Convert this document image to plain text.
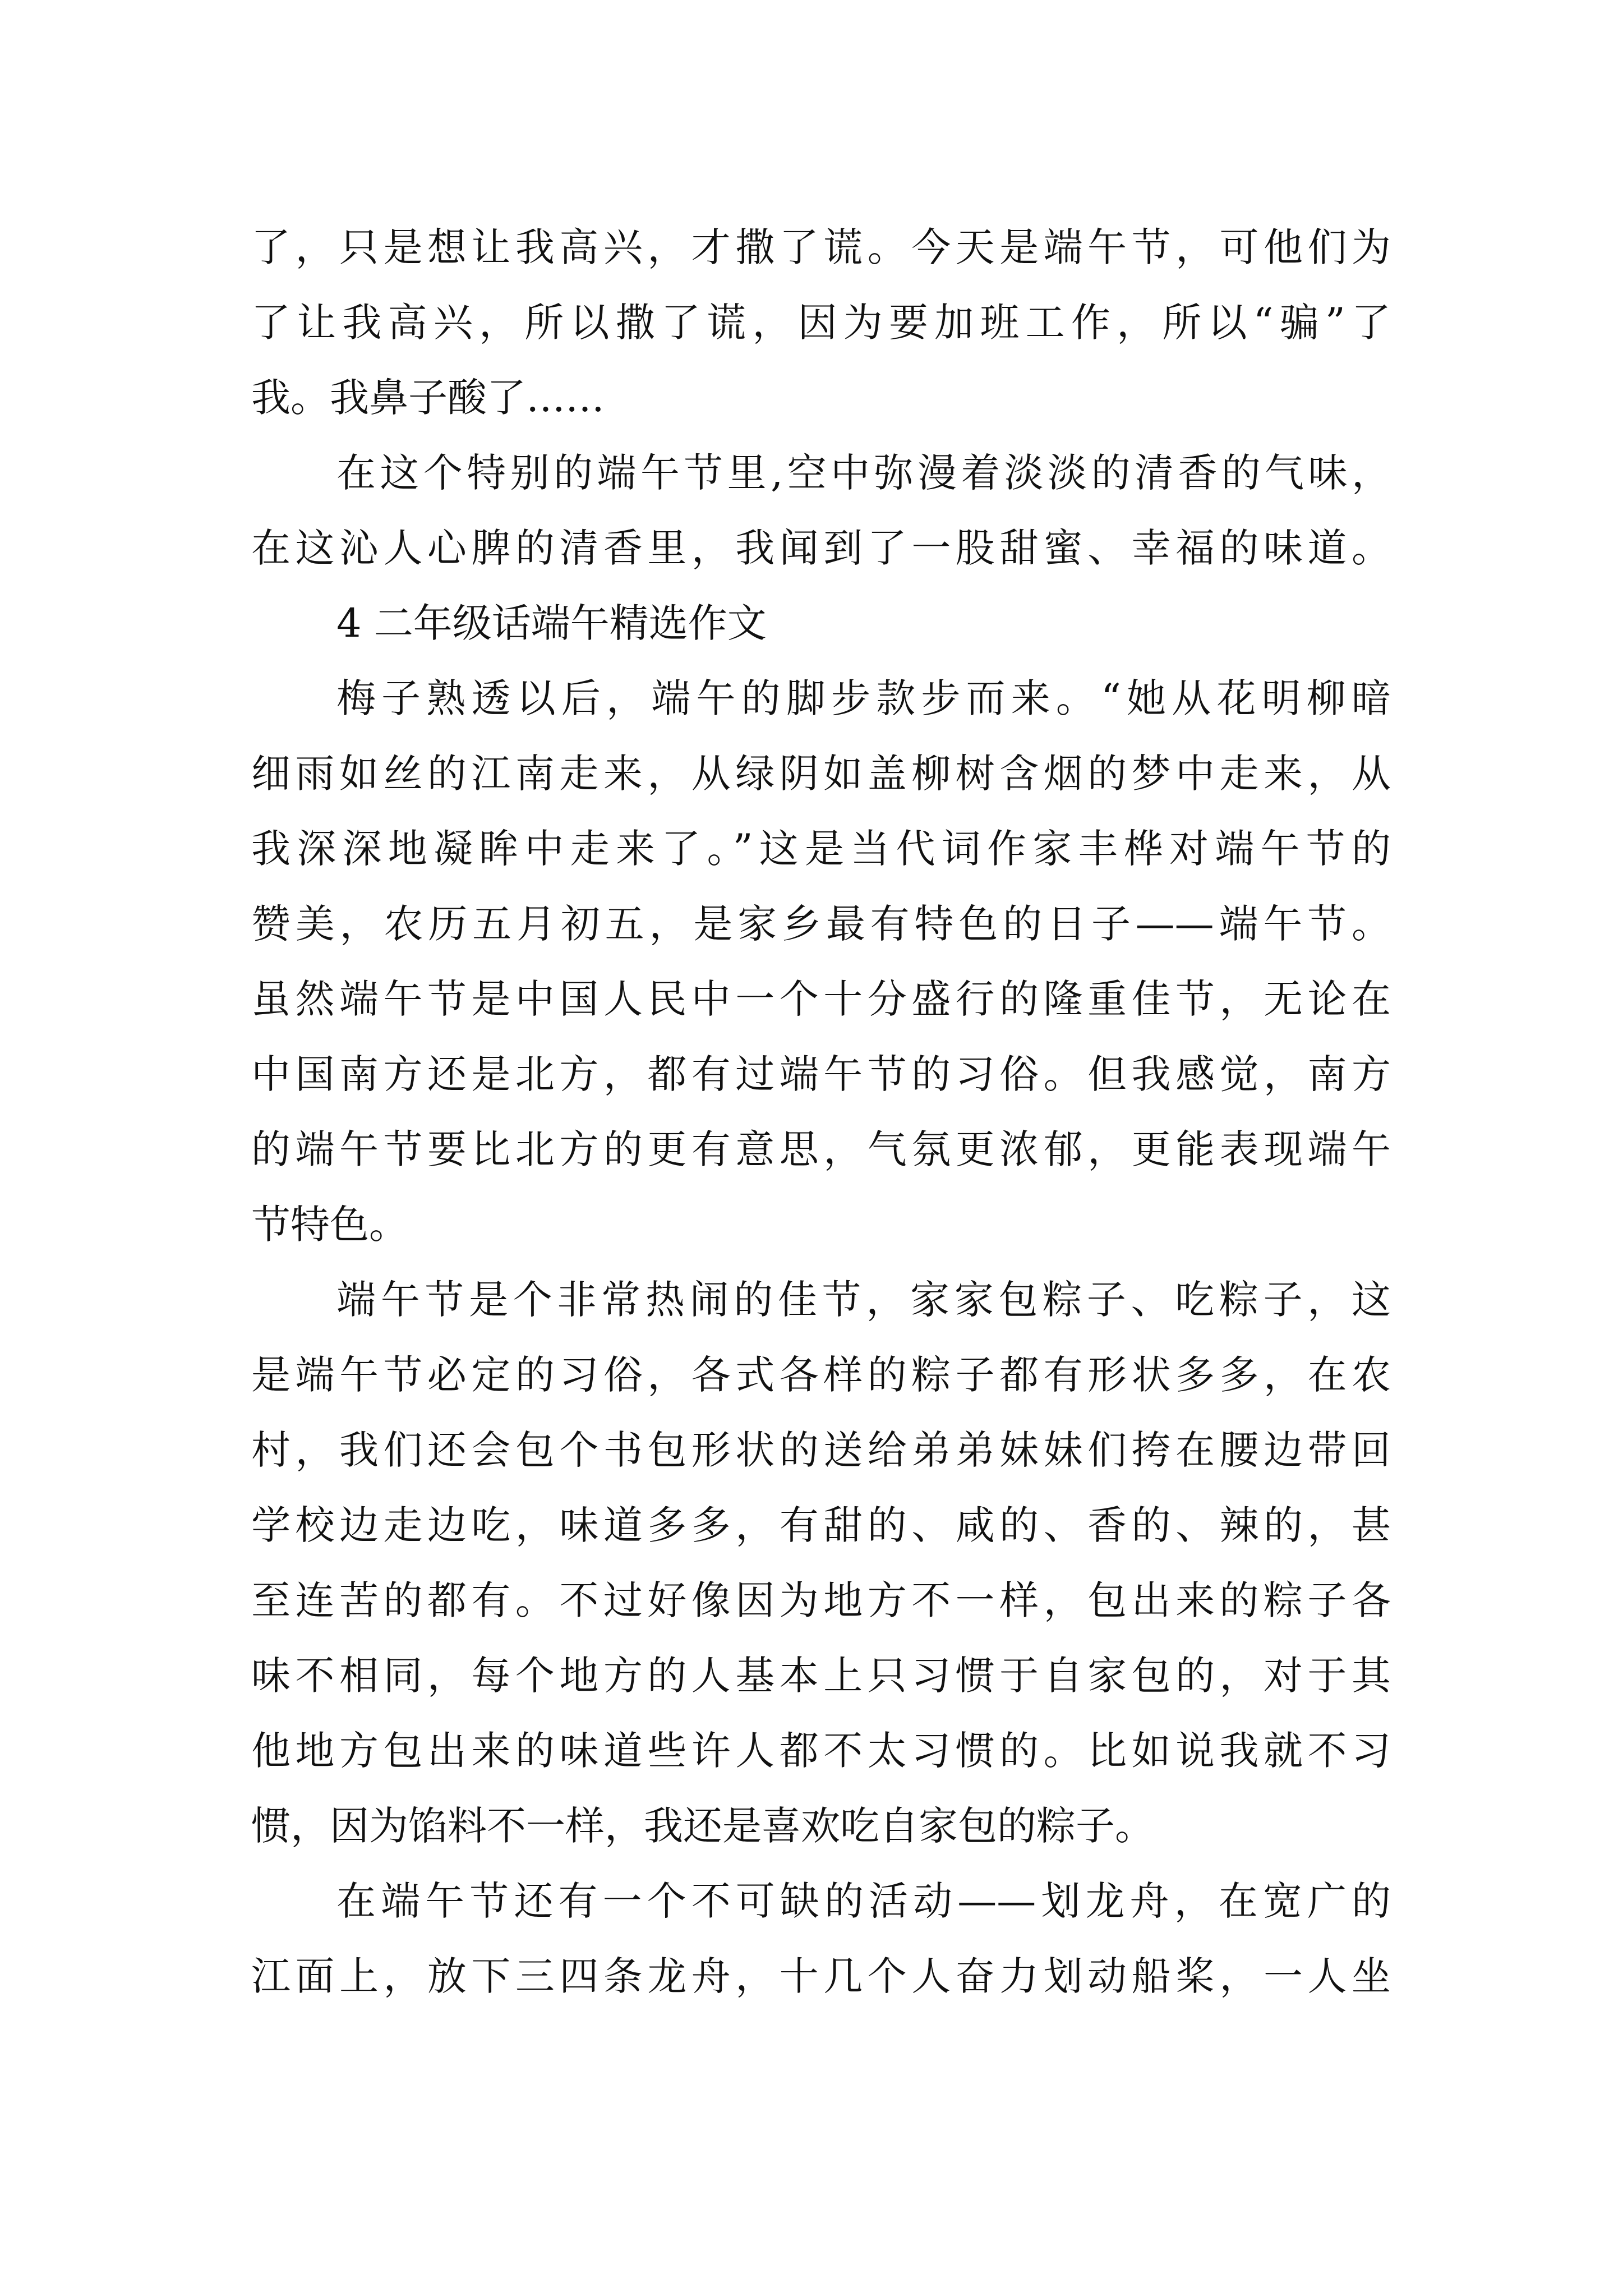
了，只是想让我高兴，才撒了谎。今天是端午节，可他们为

了让我高兴，所以撒了谎，因为要加班工作，所以“骗”了

我。我鼻子酸了……

在这个特别的端午节里,空中弥漫着淡淡的清香的气味，

在这沁人心脾的清香里，我闻到了一股甜蜜、幸福的味道。

4 二年级话端午精选作文

梅子熟透以后，端午的脚步款步而来。“她从花明柳暗

细雨如丝的江南走来，从绿阴如盖柳树含烟的梦中走来，从

我深深地凝眸中走来了。”这是当代词作家丰桦对端午节的

赞美，农历五月初五，是家乡最有特色的日子——端午节。

虽然端午节是中国人民中一个十分盛行的隆重佳节，无论在

中国南方还是北方，都有过端午节的习俗。但我感觉，南方

的端午节要比北方的更有意思，气氛更浓郁，更能表现端午

节特色。

端午节是个非常热闹的佳节，家家包粽子、吃粽子，这

是端午节必定的习俗，各式各样的粽子都有形状多多，在农

村，我们还会包个书包形状的送给弟弟妹妹们挎在腰边带回

学校边走边吃，味道多多，有甜的、咸的、香的、辣的，甚

至连苦的都有。不过好像因为地方不一样，包出来的粽子各

味不相同，每个地方的人基本上只习惯于自家包的，对于其

他地方包出来的味道些许人都不太习惯的。比如说我就不习

惯，因为馅料不一样，我还是喜欢吃自家包的粽子。

在端午节还有一个不可缺的活动——划龙舟，在宽广的

江面上，放下三四条龙舟，十几个人奋力划动船桨，一人坐
